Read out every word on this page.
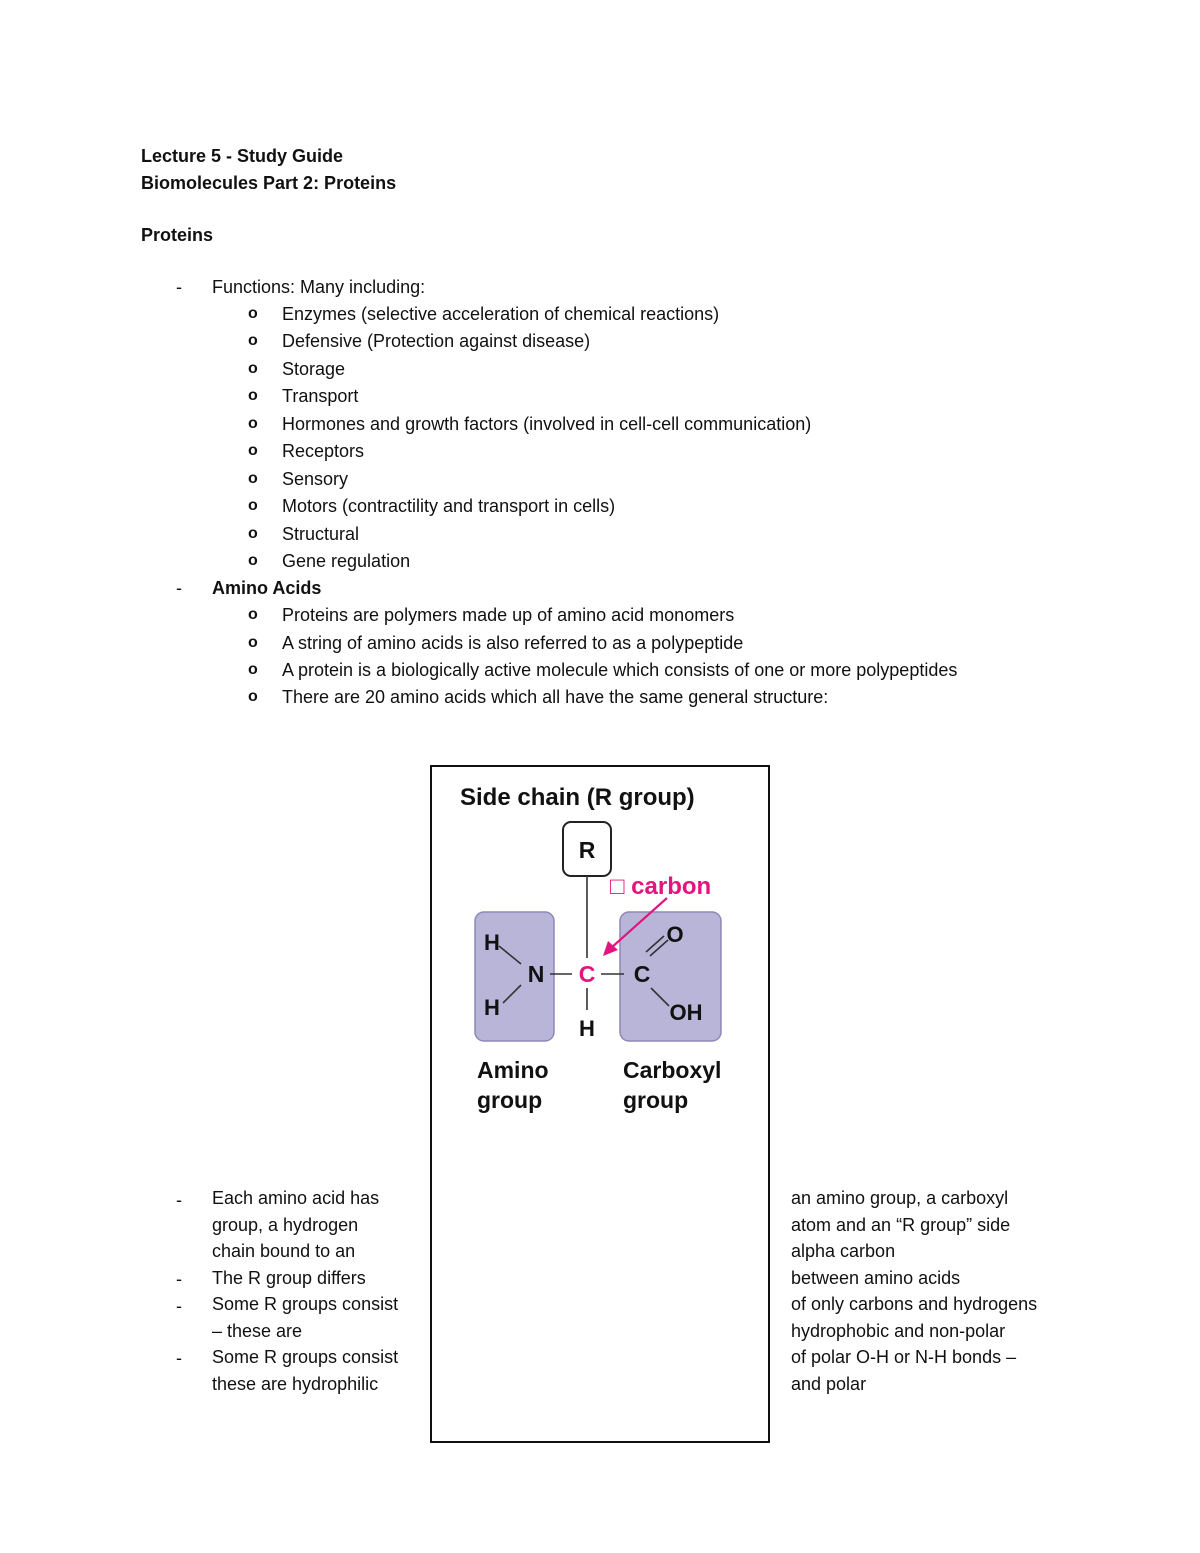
Lecture 5 - Study Guide
Biomolecules Part 2: Proteins
Proteins
- Functions: Many including:
o Enzymes (selective acceleration of chemical reactions)
o Defensive (Protection against disease)
o Storage
o Transport
o Hormones and growth factors (involved in cell-cell communication)
o Receptors
o Sensory
o Motors (contractility and transport in cells)
o Structural
o Gene regulation
- Amino Acids
o Proteins are polymers made up of amino acid monomers
o A string of amino acids is also referred to as a polypeptide
o A protein is a biologically active molecule which consists of one or more polypeptides
o There are 20 amino acids which all have the same general structure:
Side chain (R group)
R
□ carbon
H
H
N C
H
C
O
OH
Amino
group
Carboxyl
group
-
-
-
-
Each amino acid has
group, a hydrogen
chain bound to an
The R group differs
Some R groups consist
– these are
Some R groups consist
these are hydrophilic
an amino group, a carboxyl
atom and an “R group” side
alpha carbon
between amino acids
of only carbons and hydrogens
hydrophobic and non-polar
of polar O-H or N-H bonds –
and polar
